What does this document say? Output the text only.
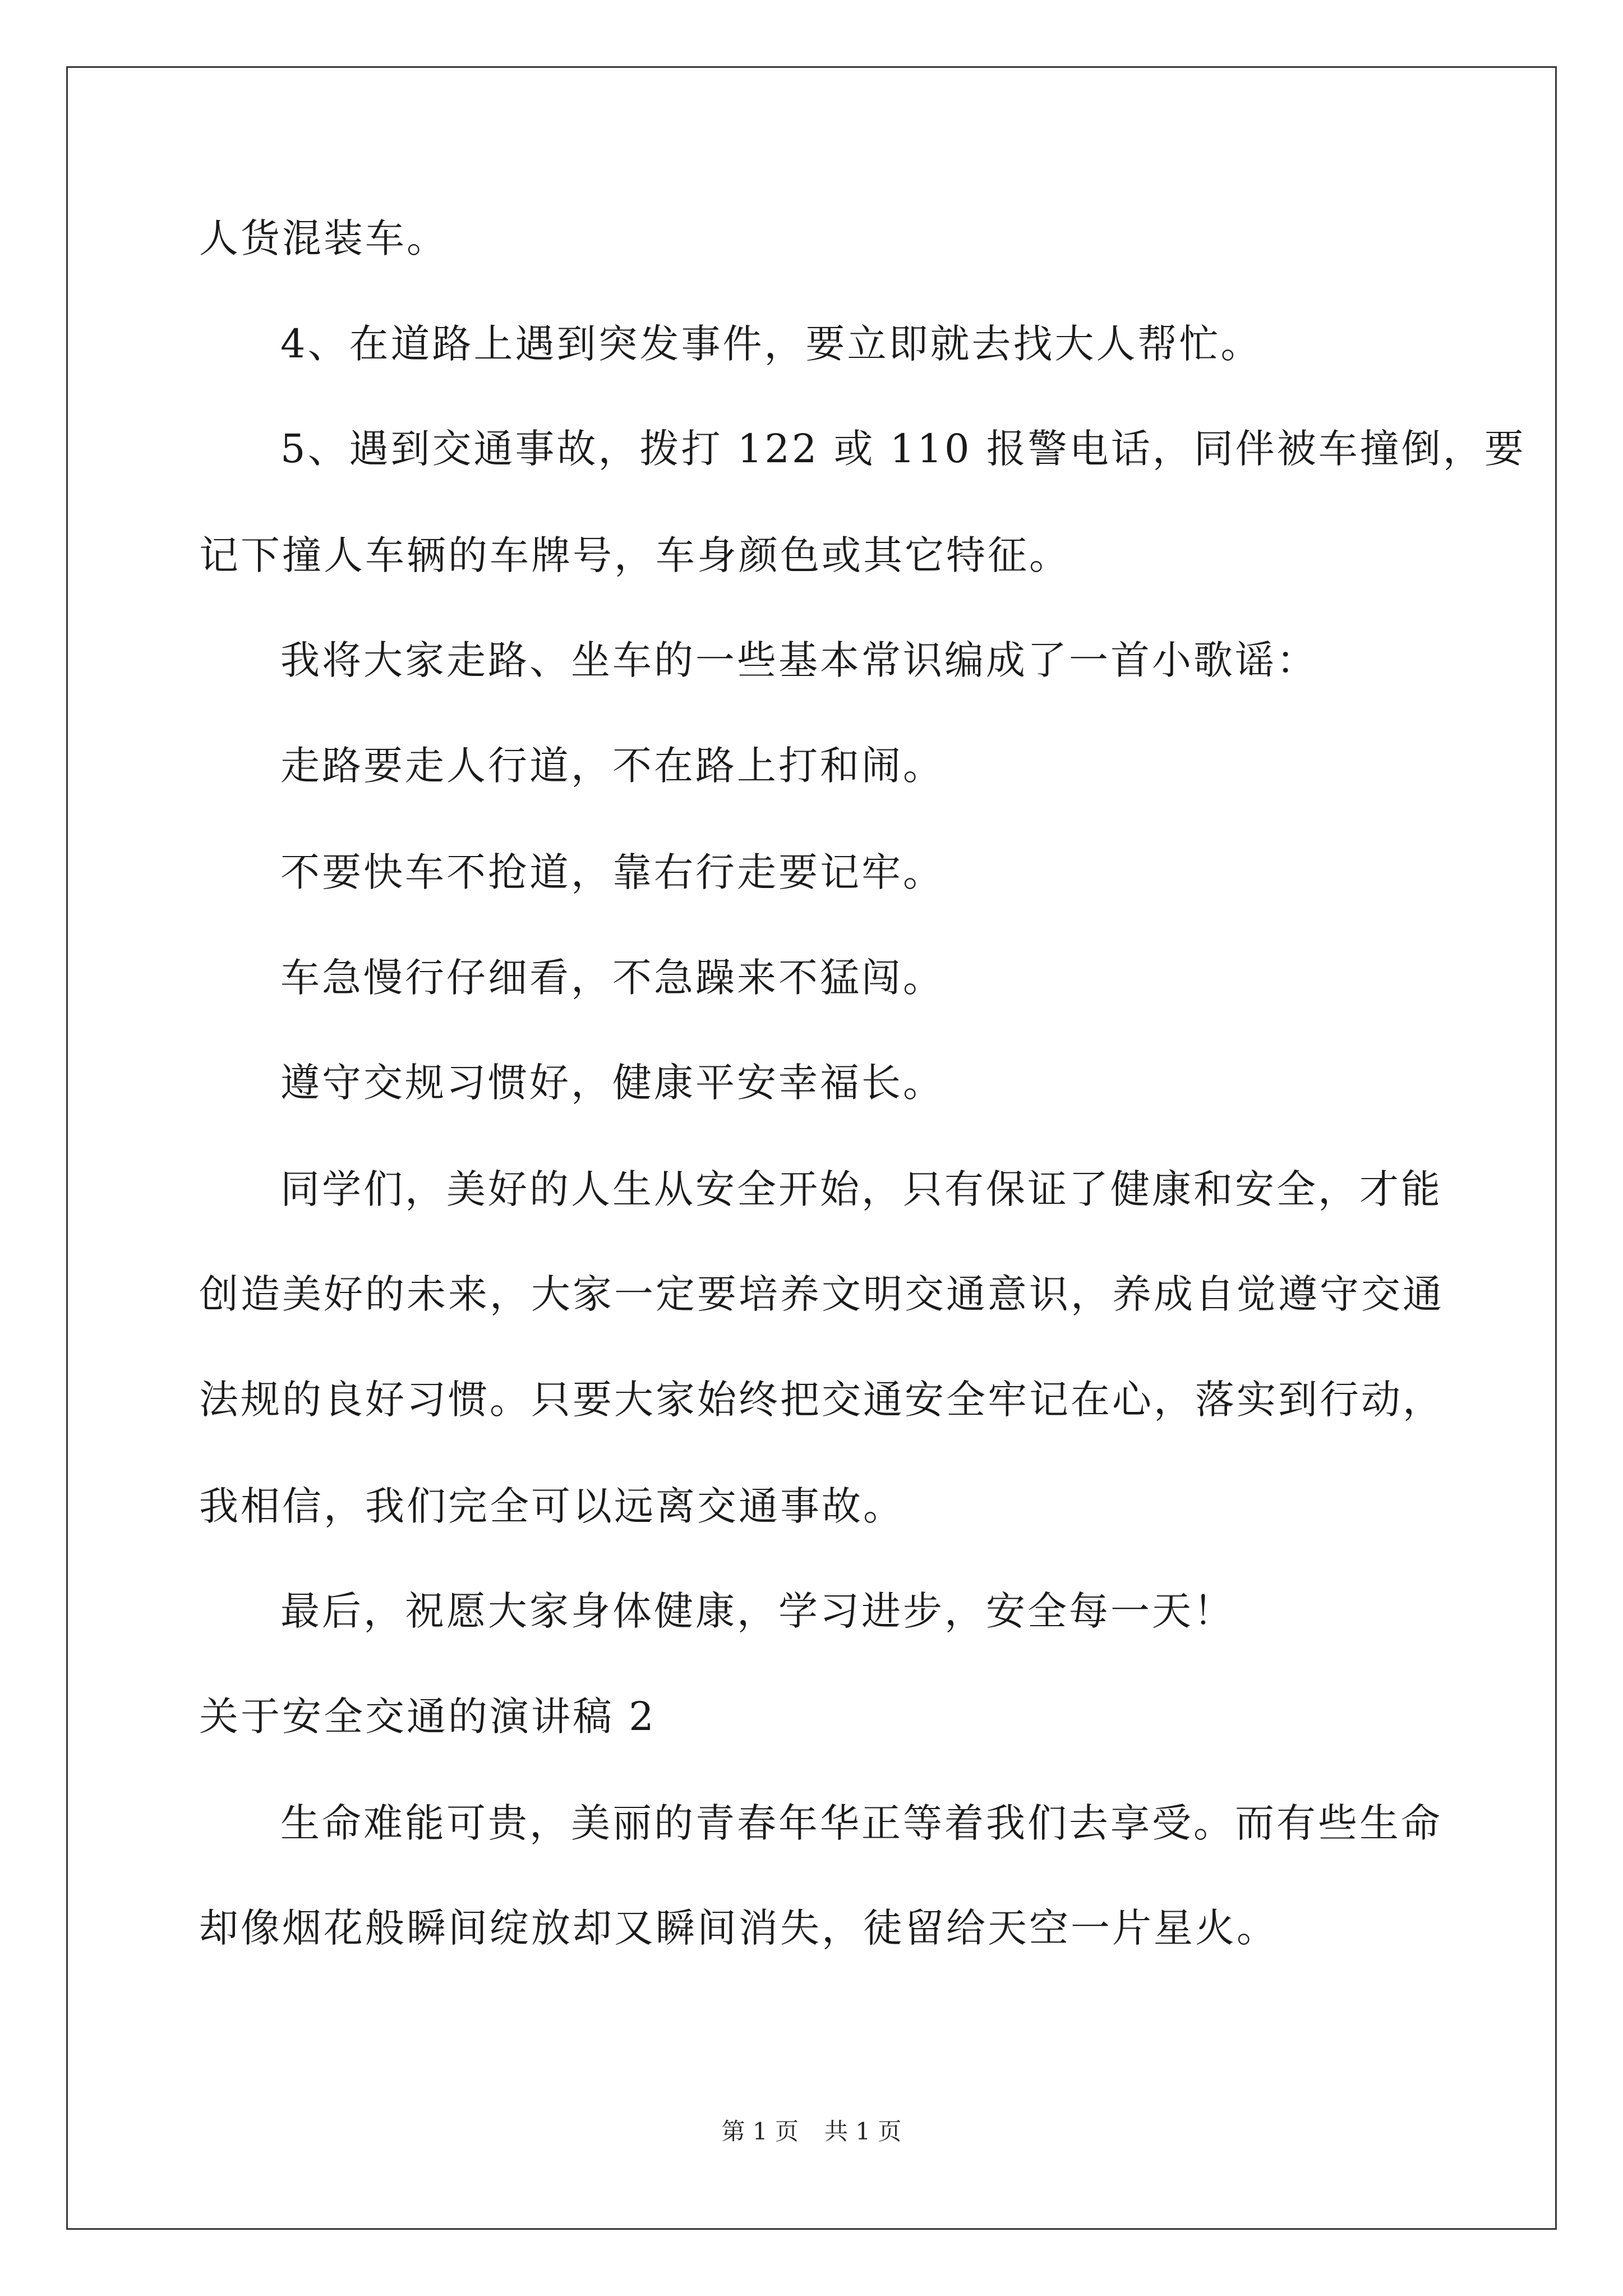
人货混装车。
4、在道路上遇到突发事件，要立即就去找大人帮忙。
5、遇到交通事故，拨打 122 或 110 报警电话，同伴被车撞倒，要
记下撞人车辆的车牌号，车身颜色或其它特征。
我将大家走路、坐车的一些基本常识编成了一首小歌谣：
走路要走人行道，不在路上打和闹。
不要快车不抢道，靠右行走要记牢。
车急慢行仔细看，不急躁来不猛闯。
遵守交规习惯好，健康平安幸福长。
同学们，美好的人生从安全开始，只有保证了健康和安全，才能
创造美好的未来，大家一定要培养文明交通意识，养成自觉遵守交通
法规的良好习惯。只要大家始终把交通安全牢记在心，落实到行动，
我相信，我们完全可以远离交通事故。
最后，祝愿大家身体健康，学习进步，安全每一天！
关于安全交通的演讲稿 2
生命难能可贵，美丽的青春年华正等着我们去享受。而有些生命
却像烟花般瞬间绽放却又瞬间消失，徒留给天空一片星火。
第 1 页 共 1 页
